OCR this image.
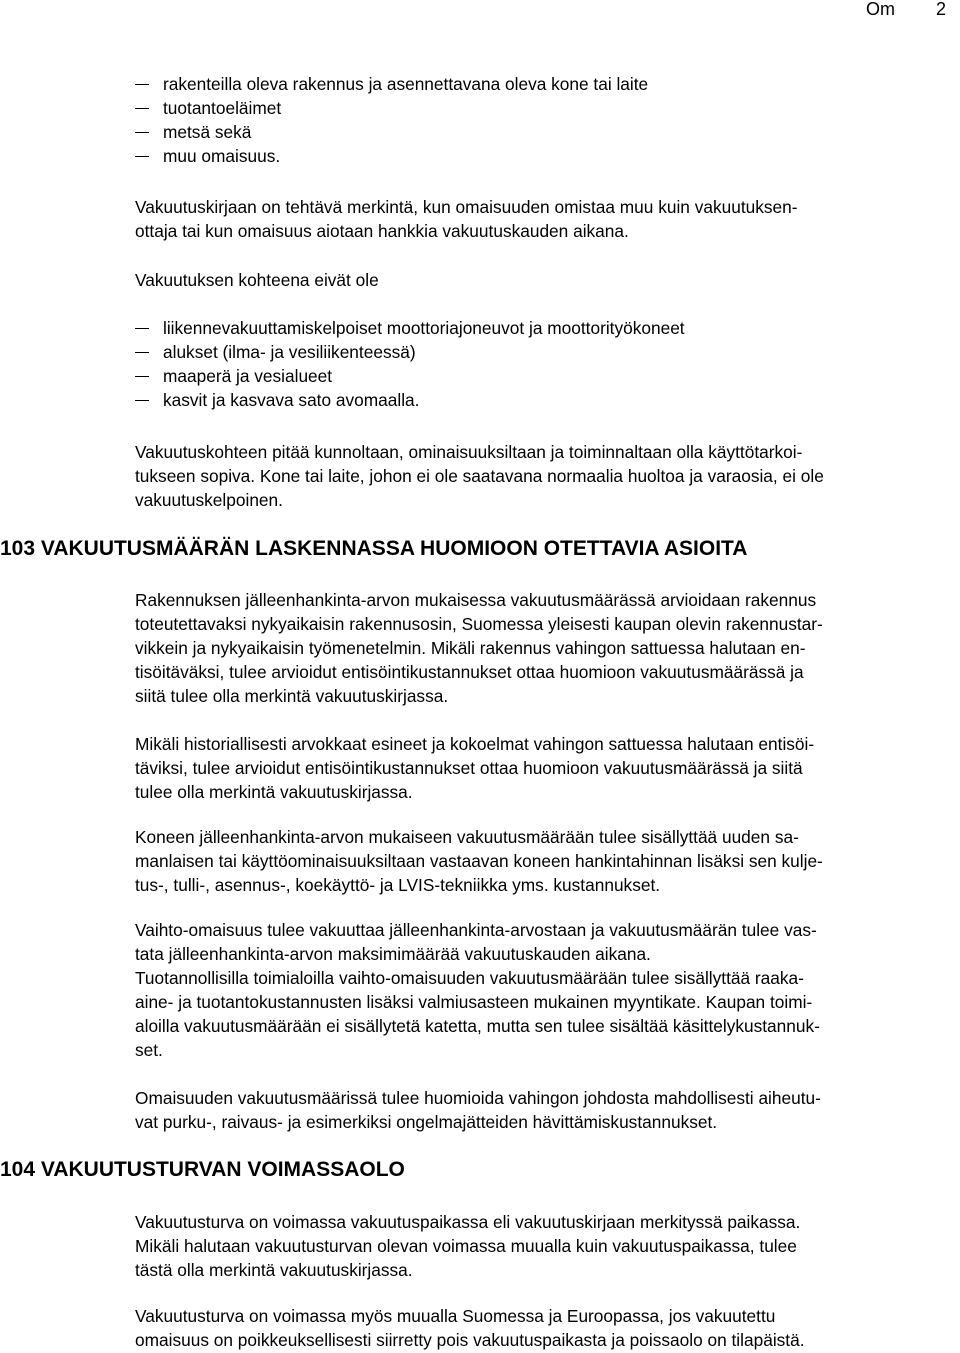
Om 2
rakenteilla oleva rakennus ja asennettavana oleva kone tai laite
tuotantoeläimet
metsä sekä
muu omaisuus.

Vakuutuskirjaan on tehtävä merkintä, kun omaisuuden omistaa muu kuin vakuutuksen-

ottaja tai kun omaisuus aiotaan hankkia vakuutuskauden aikana.

Vakuutuksen kohteena eivät ole

liikennevakuuttamiskelpoiset moottoriajoneuvot ja moottorityökoneet
alukset (ilma- ja vesiliikenteessä)
maaperä ja vesialueet
kasvit ja kasvava sato avomaalla.

Vakuutuskohteen pitää kunnoltaan, ominaisuuksiltaan ja toiminnaltaan olla käyttötarkoi-

tukseen sopiva. Kone tai laite, johon ei ole saatavana normaalia huoltoa ja varaosia, ei ole

vakuutuskelpoinen.

103 VAKUUTUSMÄÄRÄN LASKENNASSA HUOMIOON OTETTAVIA ASIOITA

Rakennuksen jälleenhankinta-arvon mukaisessa vakuutusmäärässä arvioidaan rakennus

toteutettavaksi nykyaikaisin rakennusosin, Suomessa yleisesti kaupan olevin rakennustar-

vikkein ja nykyaikaisin työmenetelmin. Mikäli rakennus vahingon sattuessa halutaan en-

tisöitäväksi, tulee arvioidut entisöintikustannukset ottaa huomioon vakuutusmäärässä ja

siitä tulee olla merkintä vakuutuskirjassa.

Mikäli historiallisesti arvokkaat esineet ja kokoelmat vahingon sattuessa halutaan entisöi-

täviksi, tulee arvioidut entisöintikustannukset ottaa huomioon vakuutusmäärässä ja siitä

tulee olla merkintä vakuutuskirjassa.

Koneen jälleenhankinta-arvon mukaiseen vakuutusmäärään tulee sisällyttää uuden sa-

manlaisen tai käyttöominaisuuksiltaan vastaavan koneen hankintahinnan lisäksi sen kulje-

tus-, tulli-, asennus-, koekäyttö- ja LVIS-tekniikka yms. kustannukset.

Vaihto-omaisuus tulee vakuuttaa jälleenhankinta-arvostaan ja vakuutusmäärän tulee vas-

tata jälleenhankinta-arvon maksimimäärää vakuutuskauden aikana.

Tuotannollisilla toimialoilla vaihto-omaisuuden vakuutusmäärään tulee sisällyttää raaka-

aine- ja tuotantokustannusten lisäksi valmiusasteen mukainen myyntikate. Kaupan toimi-

aloilla vakuutusmäärään ei sisällytetä katetta, mutta sen tulee sisältää käsittelykustannuk-

set.

Omaisuuden vakuutusmäärissä tulee huomioida vahingon johdosta mahdollisesti aiheutu-

vat purku-, raivaus- ja esimerkiksi ongelmajätteiden hävittämiskustannukset.

104 VAKUUTUSTURVAN VOIMASSAOLO

Vakuutusturva on voimassa vakuutuspaikassa eli vakuutuskirjaan merkityssä paikassa.

Mikäli halutaan vakuutusturvan olevan voimassa muualla kuin vakuutuspaikassa, tulee

tästä olla merkintä vakuutuskirjassa.

Vakuutusturva on voimassa myös muualla Suomessa ja Euroopassa, jos vakuutettu

omaisuus on poikkeuksellisesti siirretty pois vakuutuspaikasta ja poissaolo on tilapäistä.
